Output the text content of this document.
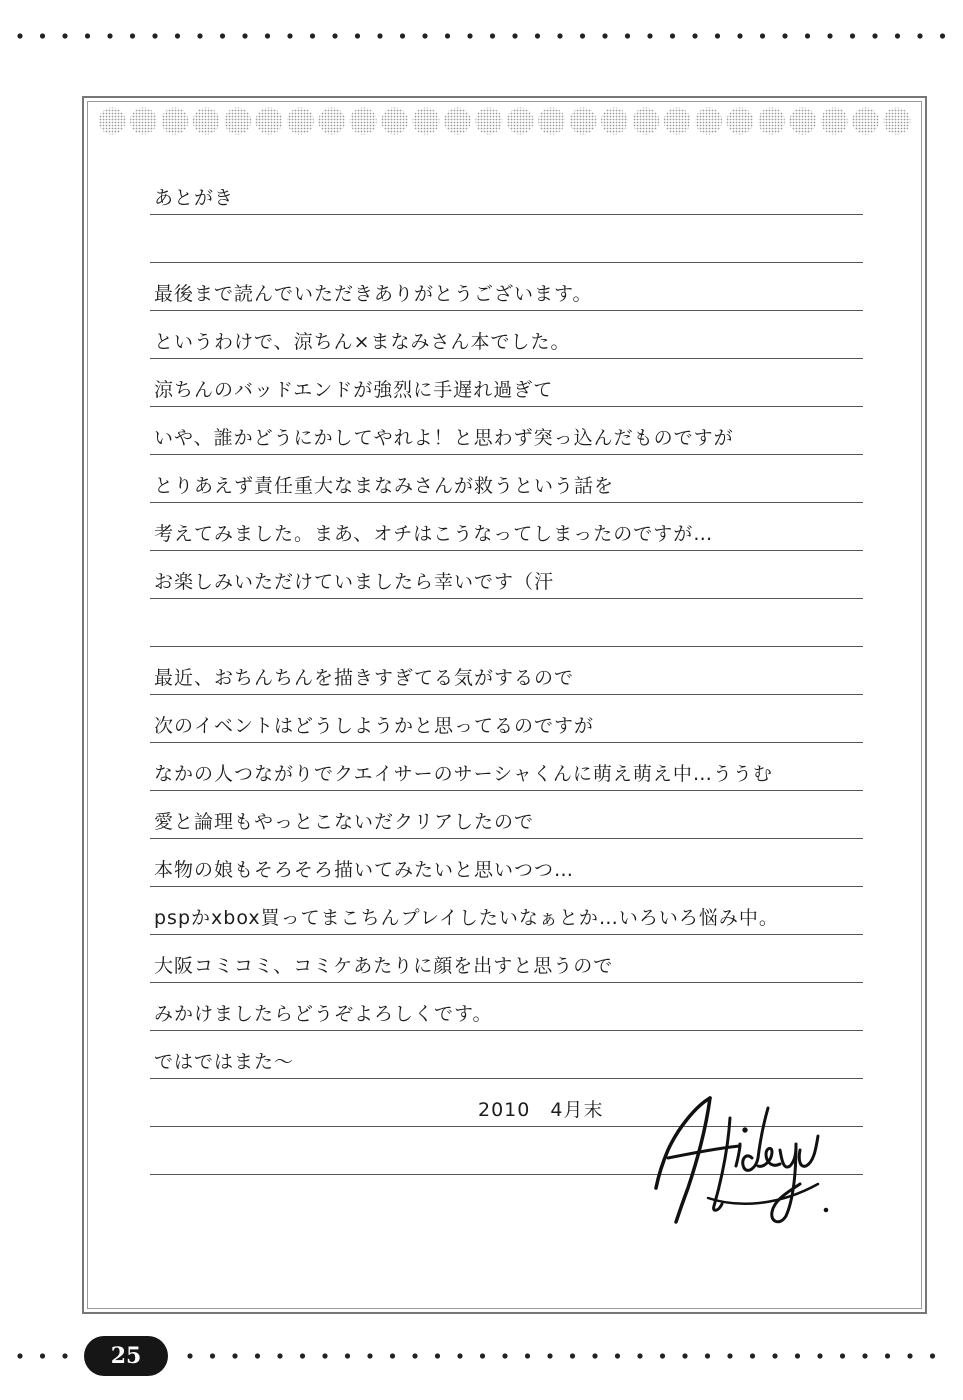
あとがき
最後まで読んでいただきありがとうございます。
というわけで、涼ちん×まなみさん本でした。
涼ちんのバッドエンドが強烈に手遅れ過ぎて
いや、誰かどうにかしてやれよ！と思わず突っ込んだものですが
とりあえず責任重大なまなみさんが救うという話を
考えてみました。まあ、オチはこうなってしまったのですが…
お楽しみいただけていましたら幸いです（汗
最近、おちんちんを描きすぎてる気がするので
次のイベントはどうしようかと思ってるのですが
なかの人つながりでクエイサーのサーシャくんに萌え萌え中…ううむ
愛と論理もやっとこないだクリアしたので
本物の娘もそろそろ描いてみたいと思いつつ…
pspかxbox買ってまこちんプレイしたいなぁとか…いろいろ悩み中。
大阪コミコミ、コミケあたりに顔を出すと思うので
みかけましたらどうぞよろしくです。
ではではまた～
2010　4月末
25
